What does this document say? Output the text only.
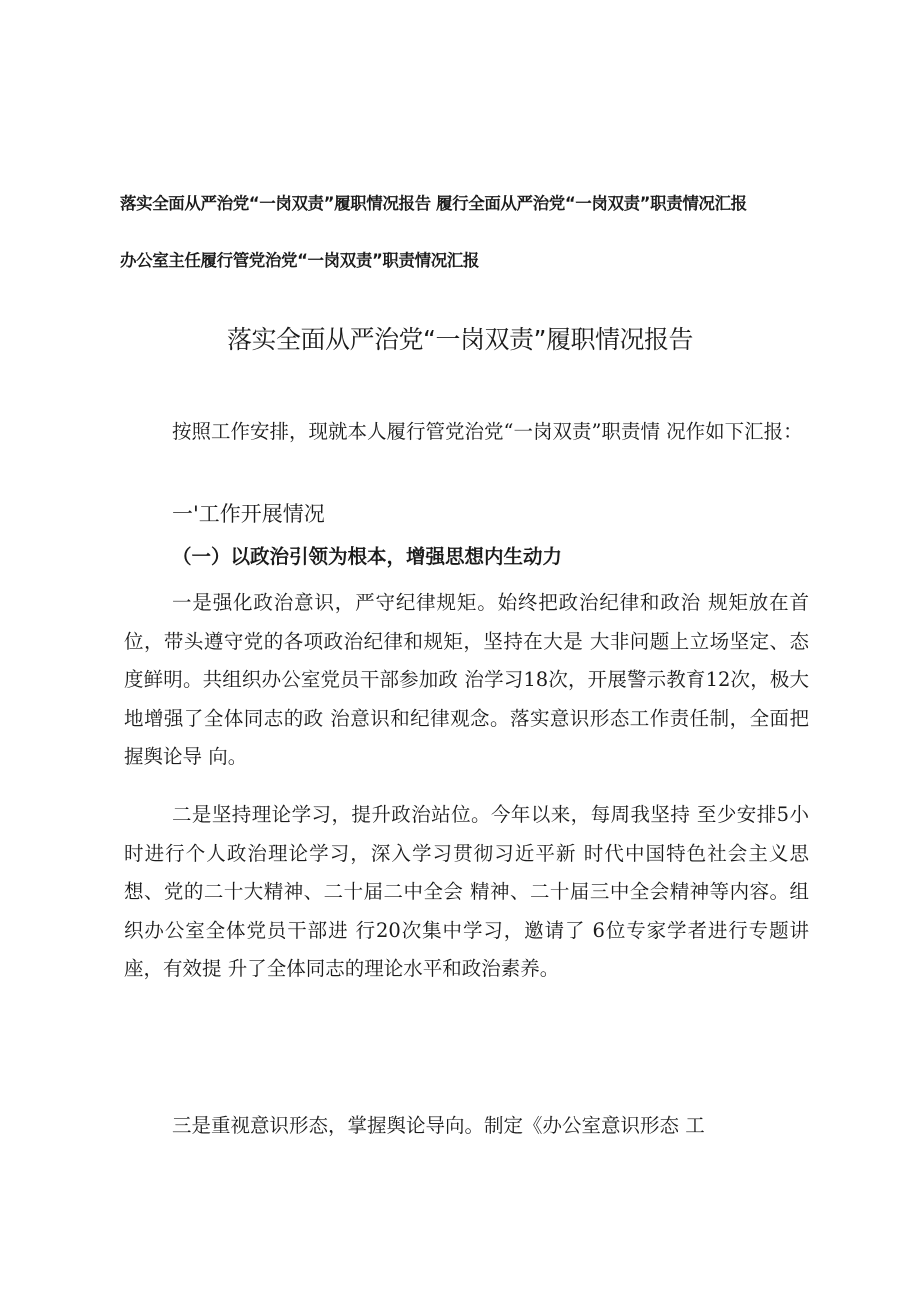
落实全面从严治党“一岗双责”履职情况报告 履行全面从严治党“一岗双责”职责情况汇报
办公室主任履行管党治党“一岗双责”职责情况汇报
落实全面从严治党“一岗双责”履职情况报告

按照工作安排，现就本人履行管党治党“一岗双责”职责情 况作如下汇报：

一'工作开展情况
（一）以政治引领为根本，增强思想内生动力

一是强化政治意识，严守纪律规矩。始终把政治纪律和政治 规矩放在首位，带头遵守党的各项政治纪律和规矩，坚持在大是 大非问题上立场坚定、态度鲜明。共组织办公室党员干部参加政 治学习18次，开展警示教育12次，极大地增强了全体同志的政 治意识和纪律观念。落实意识形态工作责任制，全面把握舆论导 向。

二是坚持理论学习，提升政治站位。今年以来，每周我坚持 至少安排5小时进行个人政治理论学习，深入学习贯彻习近平新 时代中国特色社会主义思想、党的二十大精神、二十届二中全会 精神、二十届三中全会精神等内容。组织办公室全体党员干部进 行20次集中学习，邀请了 6位专家学者进行专题讲座，有效提 升了全体同志的理论水平和政治素养。

三是重视意识形态，掌握舆论导向。制定《办公室意识形态 工
